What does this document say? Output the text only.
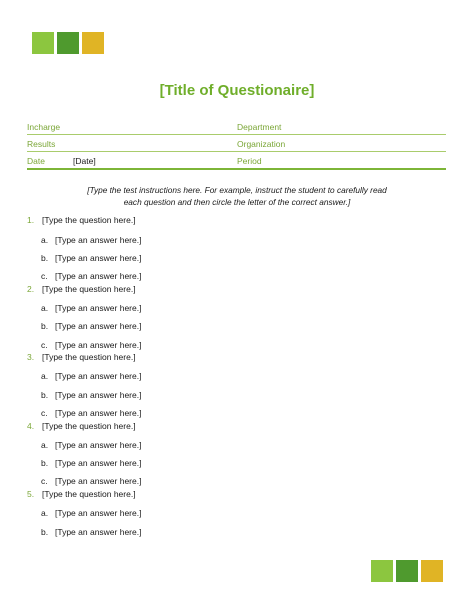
[Title of Questionaire]
Incharge	Department
Results	Organization
Date	[Date]	Period
[Type the test instructions here. For example, instruct the student to carefully read
each question and then circle the letter of the correct answer.]
1. [Type the question here.]
a. [Type an answer here.]
b. [Type an answer here.]
c. [Type an answer here.]
2. [Type the question here.]
a. [Type an answer here.]
b. [Type an answer here.]
c. [Type an answer here.]
3. [Type the question here.]
a. [Type an answer here.]
b. [Type an answer here.]
c. [Type an answer here.]
4. [Type the question here.]
a. [Type an answer here.]
b. [Type an answer here.]
c. [Type an answer here.]
5. [Type the question here.]
a. [Type an answer here.]
b. [Type an answer here.]
